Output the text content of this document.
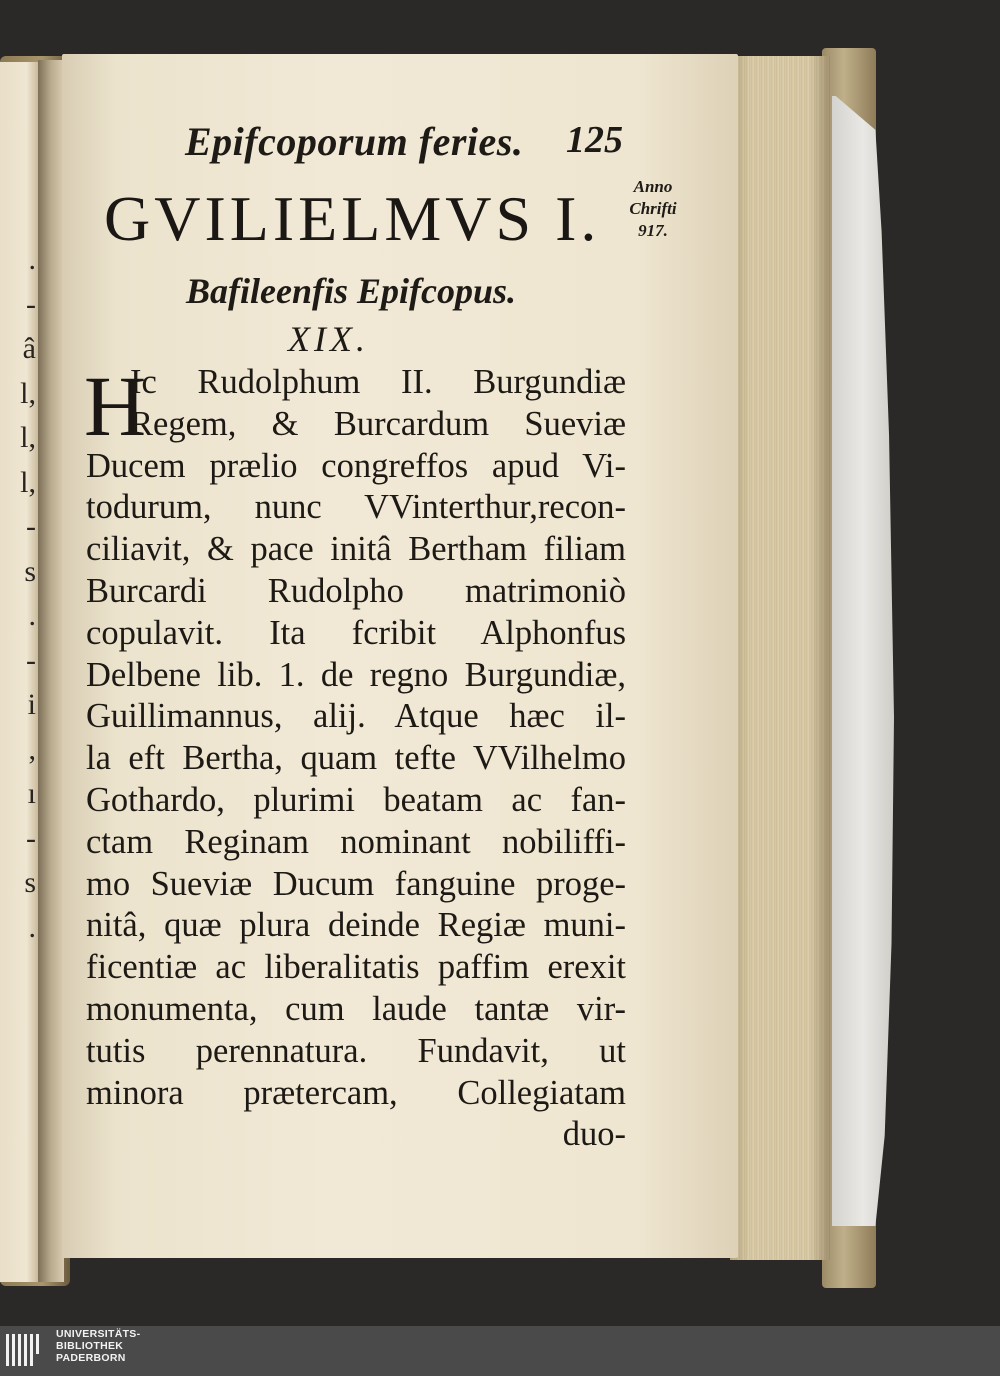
.
-
â
l,
l,
l,
-
s
.
-
i
,
ı
-
s
.
Epifcoporum feries. 125
GVILIELMVS I.	Anno
Chrifti
917.
Bafileenfis Epifcopus.
XIX.
H
Ic Rudolphum II. Burgundiæ
Regem, & Burcardum Sueviæ
Ducem prælio congreffos apud Vi-
todurum, nunc VVinterthur,recon-
ciliavit, & pace initâ Bertham filiam
Burcardi Rudolpho matrimoniò
copulavit. Ita fcribit Alphonfus
Delbene lib. 1. de regno Burgundiæ,
Guillimannus, alij. Atque hæc il-
la eft Bertha, quam tefte VVilhelmo
Gothardo, plurimi beatam ac fan-
ctam Reginam nominant nobiliffi-
mo Sueviæ Ducum fanguine proge-
nitâ, quæ plura deinde Regiæ muni-
ficentiæ ac liberalitatis paffim erexit
monumenta, cum laude tantæ vir-
tutis perennatura. Fundavit, ut
minora prætercam, Collegiatam
duo-
UNIVERSITÄTS-
BIBLIOTHEK
PADERBORN
